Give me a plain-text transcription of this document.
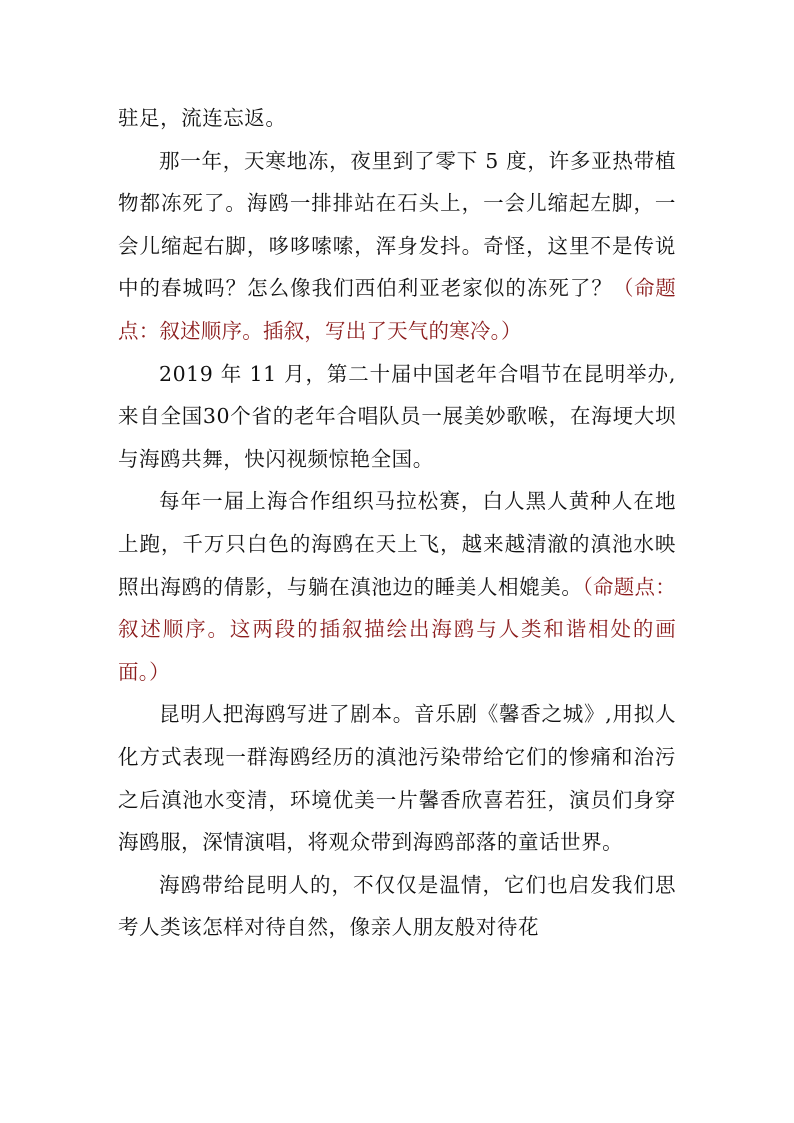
驻足，流连忘返。

那一年，天寒地冻，夜里到了零下 5 度，许多亚热带植物都冻死了。海鸥一排排站在石头上，一会儿缩起左脚，一会儿缩起右脚，哆哆嗦嗦，浑身发抖。奇怪，这里不是传说中的春城吗？怎么像我们西伯利亚老家似的冻死了？（命题点：叙述顺序。插叙，写出了天气的寒冷。）

2019 年 11 月，第二十届中国老年合唱节在昆明举办,来自全国30个省的老年合唱队员一展美妙歌喉，在海埂大坝与海鸥共舞，快闪视频惊艳全国。

每年一届上海合作组织马拉松赛，白人黑人黄种人在地上跑，千万只白色的海鸥在天上飞，越来越清澈的滇池水映照出海鸥的倩影，与躺在滇池边的睡美人相媲美。（命题点：叙述顺序。这两段的插叙描绘出海鸥与人类和谐相处的画面。）

昆明人把海鸥写进了剧本。音乐剧《馨香之城》,用拟人化方式表现一群海鸥经历的滇池污染带给它们的惨痛和治污之后滇池水变清，环境优美一片馨香欣喜若狂，演员们身穿海鸥服，深情演唱，将观众带到海鸥部落的童话世界。

海鸥带给昆明人的，不仅仅是温情，它们也启发我们思考人类该怎样对待自然，像亲人朋友般对待花
